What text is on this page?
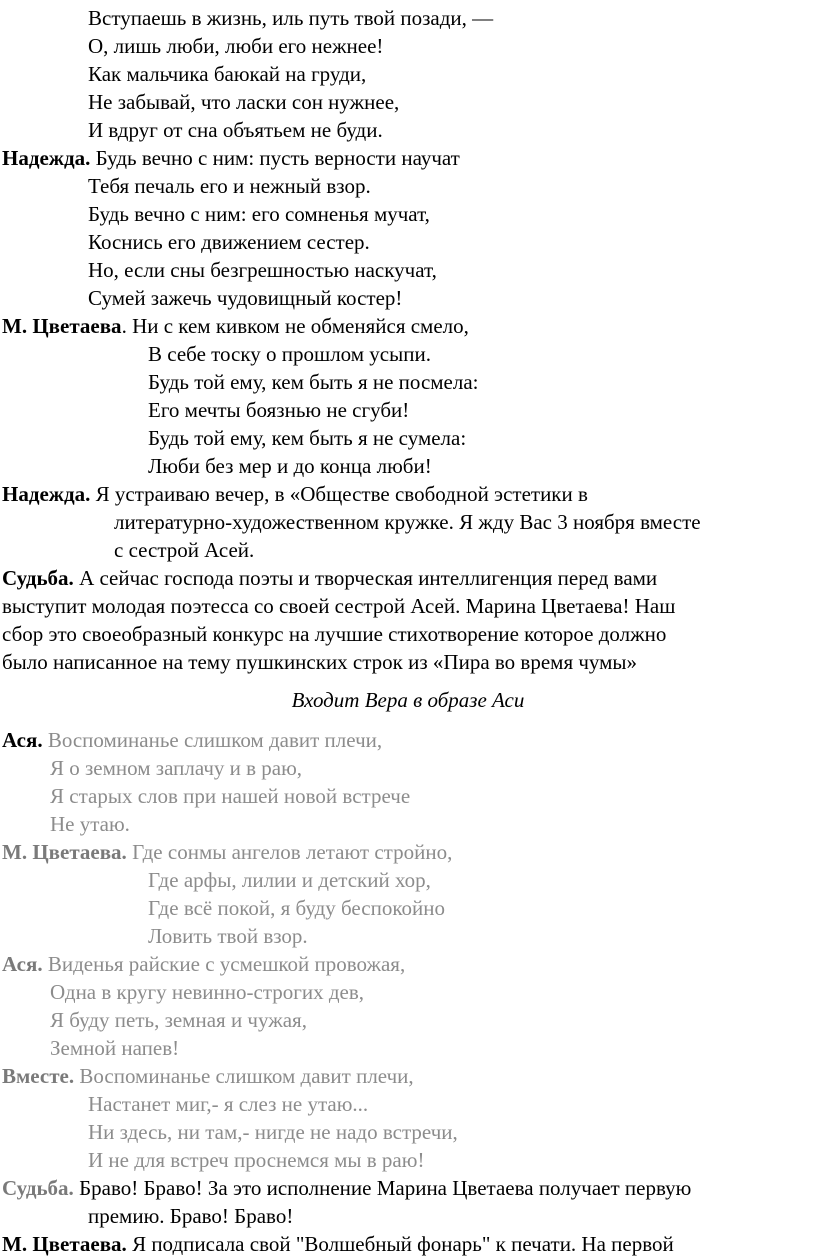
Вступаешь в жизнь, иль путь твой позади, —
О, лишь люби, люби его нежнее!
Как мальчика баюкай на груди,
Не забывай, что ласки сон нужнее,
И вдруг от сна объятьем не буди.
Надежда. Будь вечно с ним: пусть верности научат
Тебя печаль его и нежный взор.
Будь вечно с ним: его сомненья мучат,
Коснись его движением сестер.
Но, если сны безгрешностью наскучат,
Сумей зажечь чудовищный костер!
М. Цветаева. Ни с кем кивком не обменяйся смело,
В себе тоску о прошлом усыпи.
Будь той ему, кем быть я не посмела:
Его мечты боязнью не сгуби!
Будь той ему, кем быть я не сумела:
Люби без мер и до конца люби!
Надежда. Я устраиваю вечер, в «Обществе свободной эстетики в
литературно-художественном кружке. Я жду Вас 3 ноября вместе
с сестрой Асей.
Судьба. А сейчас господа поэты и творческая интеллигенция перед вами
выступит молодая поэтесса со своей сестрой Асей. Марина Цветаева! Наш
сбор это своеобразный конкурс на лучшие стихотворение которое должно
было написанное на тему пушкинских строк из «Пира во время чумы»
Входит Вера в образе Аси
Ася. Воспоминанье слишком давит плечи,
Я о земном заплачу и в раю,
Я старых слов при нашей новой встрече
Не утаю.
М. Цветаева. Где сонмы ангелов летают стройно,
Где арфы, лилии и детский хор,
Где всё покой, я буду беспокойно
Ловить твой взор.
Ася. Виденья райские с усмешкой провожая,
Одна в кругу невинно-строгих дев,
Я буду петь, земная и чужая,
Земной напев!
Вместе. Воспоминанье слишком давит плечи,
Настанет миг,- я слез не утаю...
Ни здесь, ни там,- нигде не надо встречи,
И не для встреч проснемся мы в раю!
Судьба. Браво! Браво! За это исполнение Марина Цветаева получает первую
премию. Браво! Браво!
М. Цветаева. Я подписала свой "Волшебный фонарь" к печати. На первой
